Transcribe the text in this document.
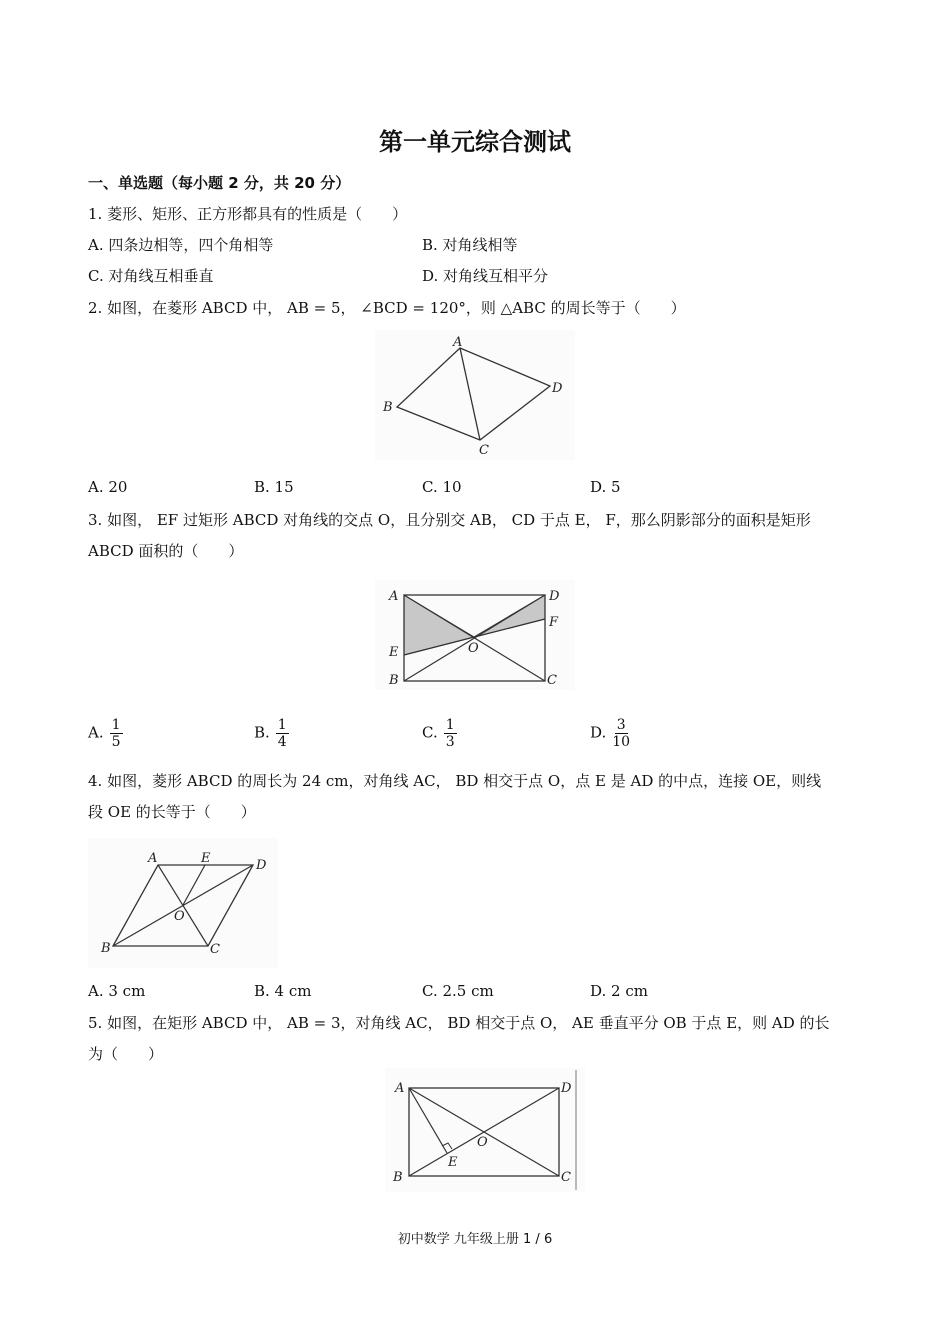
第一单元综合测试
一、单选题（每小题 2 分，共 20 分）
1. 菱形、矩形、正方形都具有的性质是（　　）
A. 四条边相等，四个角相等	B. 对角线相等
C. 对角线互相垂直	D. 对角线互相平分
2. 如图，在菱形 ABCD 中， AB = 5， ∠BCD = 120°，则 △ABC 的周长等于（　　）
A
B
C
D
A. 20	B. 15	C. 10	D. 5
3. 如图， EF 过矩形 ABCD 对角线的交点 O，且分别交 AB， CD 于点 E， F，那么阴影部分的面积是矩形
ABCD 面积的（　　）
A	D
F
E	O
B	C
A. $\frac{1}{5}$	B. $\frac{1}{4}$	C. $\frac{1}{3}$	D. $\frac{3}{10}$
4. 如图，菱形 ABCD 的周长为 24 cm，对角线 AC， BD 相交于点 O，点 E 是 AD 的中点，连接 OE，则线
段 OE 的长等于（　　）
A	E	D
O
B	C
A. 3 cm	B. 4 cm	C. 2.5 cm	D. 2 cm
5. 如图，在矩形 ABCD 中， AB = 3，对角线 AC， BD 相交于点 O， AE 垂直平分 OB 于点 E，则 AD 的长
为（　　）
A	D
O
E
B	C
初中数学 九年级上册 1 / 6
